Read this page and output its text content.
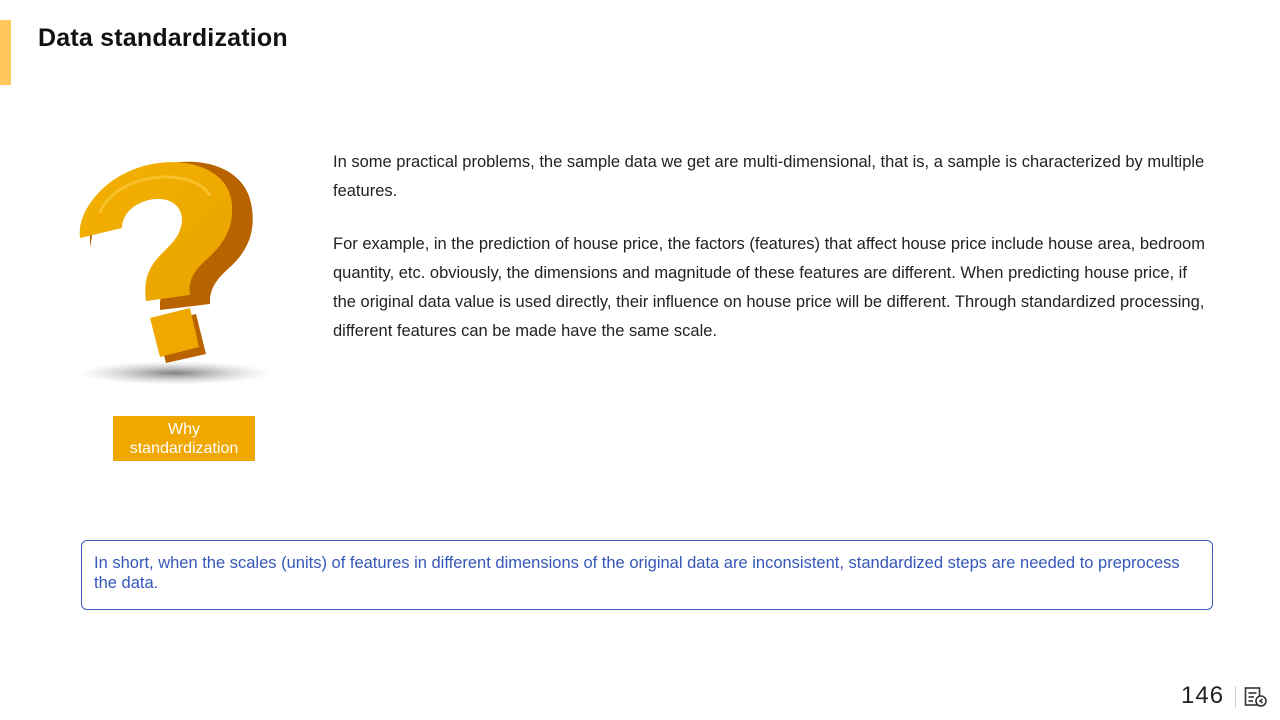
Data standardization
Why standardization

In some practical problems, the sample data we get are multi-dimensional, that is, a sample is characterized by multiple features.

For example, in the prediction of house price, the factors (features) that affect house price include house area, bedroom quantity, etc. obviously, the dimensions and magnitude of these features are different. When predicting house price, if the original data value is used directly, their influence on house price will be different. Through standardized processing, different features can be made have the same scale.

In short, when the scales (units) of features in different dimensions of the original data are inconsistent, standardized steps are needed to preprocess the data.
146
